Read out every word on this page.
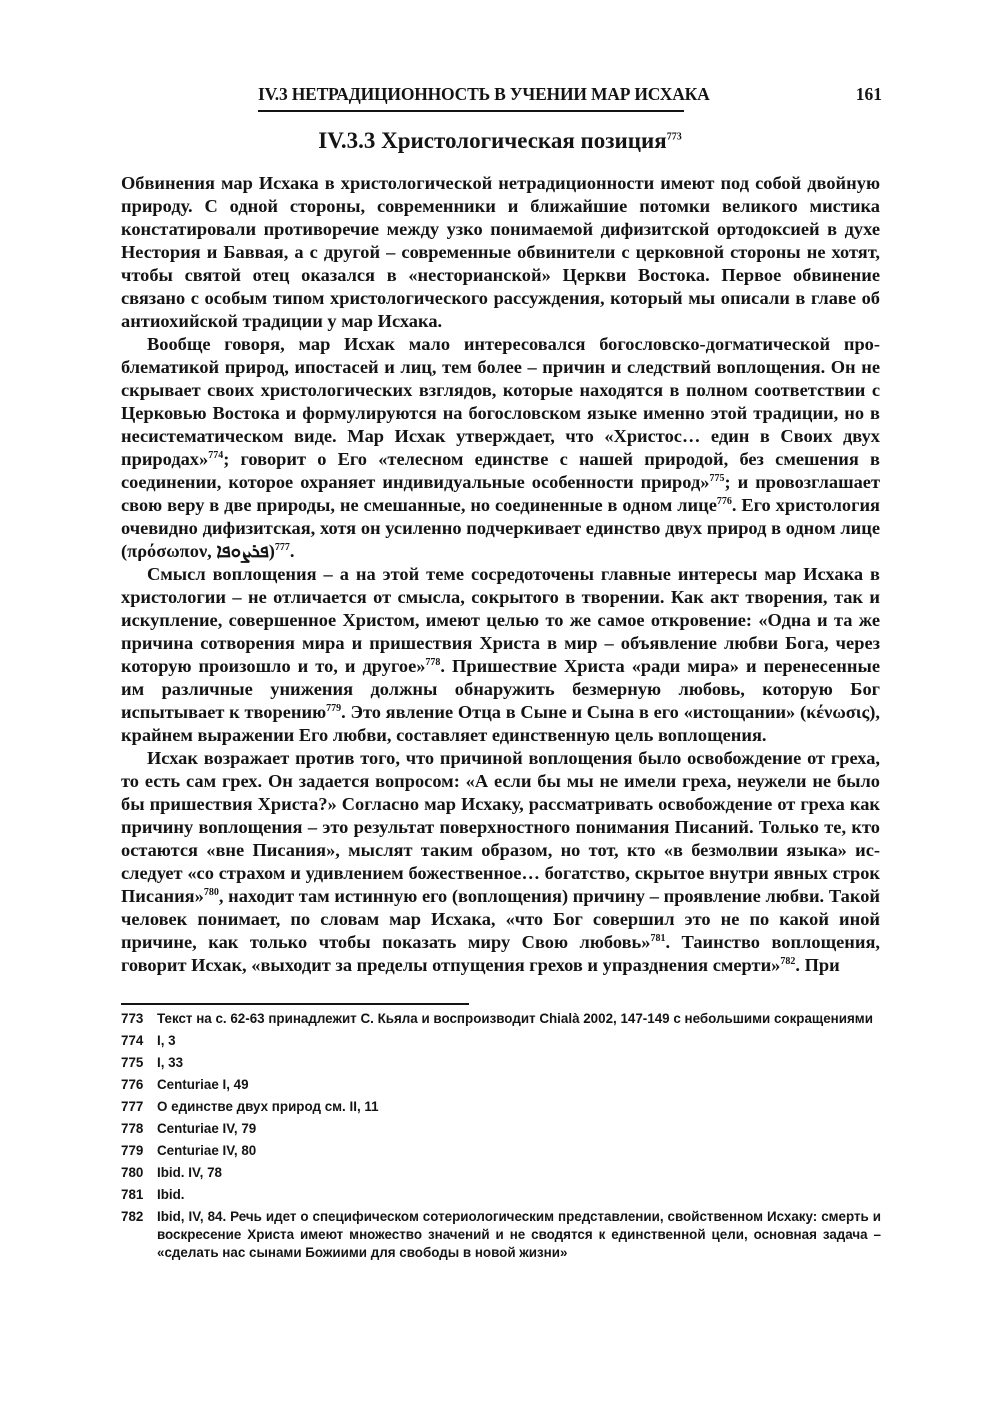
IV.3 НЕТРАДИЦИОННОСТЬ В УЧЕНИИ МАР ИСХАКА	161
IV.3.3 Христологическая позиция$^{773}$

Обвинения мар Исхака в христологической нетрадиционности имеют под собой двойную природу. С одной стороны, современники и ближайшие потомки великого мистика констатировали противоречие между узко понимаемой дифизитской ортодоксией в духе Нестория и Баввая, а с другой – современные обвинители с церковной стороны не хотят, чтобы святой отец оказался в «несторианской» Церкви Востока. Первое обвинение связано с особым типом христологического рассуждения, который мы описали в главе об антиохийской традиции у мар Исхака.

Вообще говоря, мар Исхак мало интересовался богословско-догматической проблематикой природ, ипостасей и лиц, тем более – причин и следствий воплощения. Он не скрывает своих христологических взглядов, которые находятся в полном соответствии с Церковью Востока и формулируются на богословском языке именно этой традиции, но в несистематическом виде. Мар Исхак утверждает, что «Христос… един в Своих двух природах»$^{774}$; говорит о Его «телесном единстве с нашей природой, без смешения в соединении, которое охраняет индивидуальные особенности природ»$^{775}$; и провозглашает свою веру в две природы, не смешанные, но соединенные в одном лице$^{776}$. Его христология очевидно дифизитская, хотя он усиленно подчеркивает единство двух природ в одном лице (πρόσωπον, ܦܪܨܘܦܐ)$^{777}$.

Смысл воплощения – а на этой теме сосредоточены главные интересы мар Исхака в христологии – не отличается от смысла, сокрытого в творении. Как акт творения, так и искупление, совершенное Христом, имеют целью то же самое откровение: «Одна и та же причина сотворения мира и пришествия Христа в мир – объявление любви Бога, через которую произошло и то, и другое»$^{778}$. Пришествие Христа «ради мира» и перенесенные им различные унижения должны обнаружить безмерную любовь, которую Бог испытывает к творению$^{779}$. Это явление Отца в Сыне и Сына в его «истощании» (κένωσις), крайнем выражении Его любви, составляет единственную цель воплощения.

Исхак возражает против того, что причиной воплощения было освобождение от греха, то есть сам грех. Он задается вопросом: «А если бы мы не имели греха, неужели не было бы пришествия Христа?» Согласно мар Исхаку, рассматривать освобождение от греха как причину воплощения – это результат поверхностного понимания Писаний. Только те, кто остаются «вне Писания», мыслят таким образом, но тот, кто «в безмолвии языка» исследует «со страхом и удивлением божественное… богатство, скрытое внутри явных строк Писания»$^{780}$, находит там истинную его (воплощения) причину – проявление любви. Такой человек понимает, по словам мар Исхака, «что Бог совершил это не по какой иной причине, как только чтобы показать миру Свою любовь»$^{781}$. Таинство воплощения, говорит Исхак, «выходит за пределы отпущения грехов и упразднения смерти»$^{782}$. При

773	Текст на с. 62-63 принадлежит С. Кьяла и воспроизводит Chialà 2002, 147-149 с небольшими сокращениями
774	I, 3
775	I, 33
776	Centuriae I, 49
777	О единстве двух природ см. II, 11
778	Centuriae IV, 79
779	Centuriae IV, 80
780	Ibid. IV, 78
781	Ibid.
782	Ibid, IV, 84. Речь идет о специфическом сотериологическим представлении, свойственном Исхаку: смерть и воскресение Христа имеют множество значений и не сводятся к единственной цели, основная задача – «сделать нас сынами Божиими для свободы в новой жизни»
